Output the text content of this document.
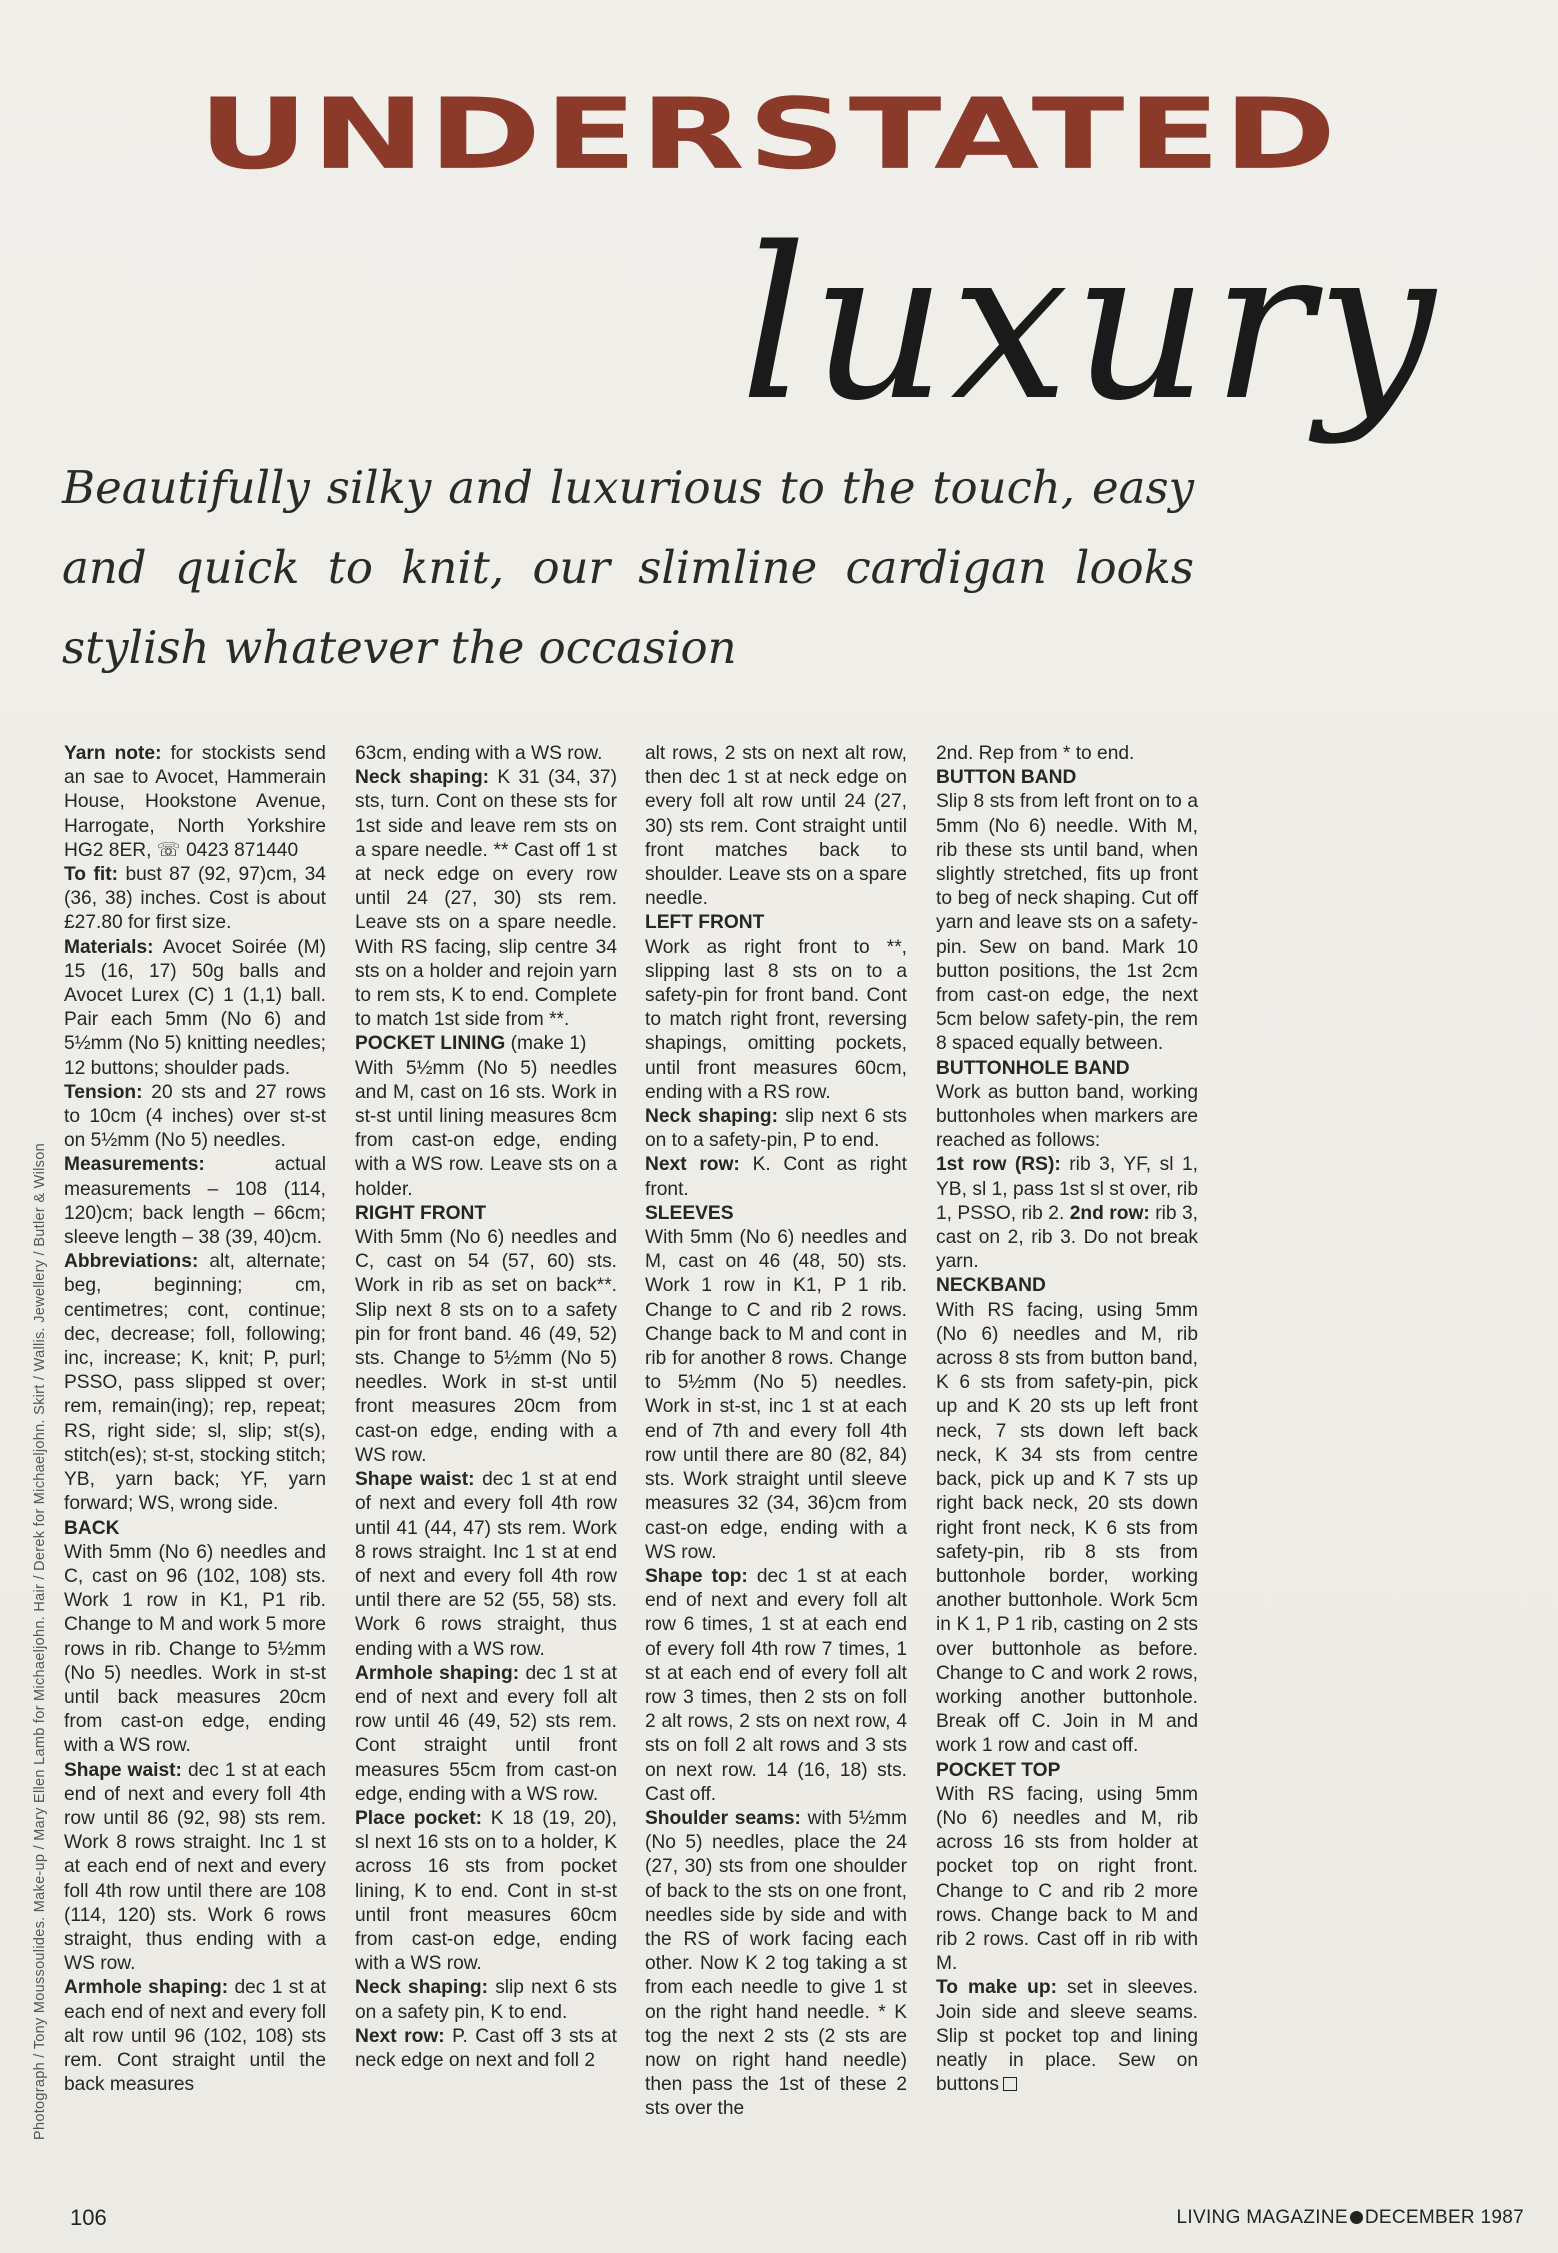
UNDERSTATED
luxury
Beautifully silky and luxurious to the touch, easy and quick to knit, our slimline cardigan looks stylish whatever the occasion

Yarn note: for stockists send an sae to Avocet, Hammerain House, Hookstone Avenue, Harrogate, North Yorkshire HG2 8ER, ☏ 0423 871440

To fit: bust 87 (92, 97)cm, 34 (36, 38) inches. Cost is about £27.80 for first size.

Materials: Avocet Soirée (M) 15 (16, 17) 50g balls and Avocet Lurex (C) 1 (1,1) ball. Pair each 5mm (No 6) and 5½mm (No 5) knitting needles; 12 buttons; shoulder pads.

Tension: 20 sts and 27 rows to 10cm (4 inches) over st-st on 5½mm (No 5) needles.

Measurements:	actual measurements – 108 (114, 120)cm; back length – 66cm; sleeve length – 38 (39, 40)cm.

Abbreviations: alt, alternate; beg, beginning; cm, centimetres; cont, continue; dec, decrease; foll, following; inc, increase; K, knit; P, purl; PSSO, pass slipped st over; rem, remain(ing); rep, repeat; RS, right side; sl, slip; st(s), stitch(es); st-st, stocking stitch; YB, yarn back; YF, yarn forward; WS, wrong side.

BACK

With 5mm (No 6) needles and C, cast on 96 (102, 108) sts. Work 1 row in K1, P1 rib. Change to M and work 5 more rows in rib. Change to 5½mm (No 5) needles. Work in st-st until back measures 20cm from cast-on edge, ending with a WS row.

Shape waist: dec 1 st at each end of next and every foll 4th row until 86 (92, 98) sts rem. Work 8 rows straight. Inc 1 st at each end of next and every foll 4th row until there are 108 (114, 120) sts. Work 6 rows straight, thus ending with a WS row.

Armhole shaping: dec 1 st at each end of next and every foll alt row until 96 (102, 108) sts rem. Cont straight until the back measures

63cm, ending with a WS row.

Neck shaping: K 31 (34, 37) sts, turn. Cont on these sts for 1st side and leave rem sts on a spare needle. ** Cast off 1 st at neck edge on every row until 24 (27, 30) sts rem. Leave sts on a spare needle. With RS facing, slip centre 34 sts on a holder and rejoin yarn to rem sts, K to end. Complete to match 1st side from **.

POCKET LINING (make 1)

With 5½mm (No 5) needles and M, cast on 16 sts. Work in st-st until lining measures 8cm from cast-on edge, ending with a WS row. Leave sts on a holder.

RIGHT FRONT

With 5mm (No 6) needles and C, cast on 54 (57, 60) sts. Work in rib as set on back**. Slip next 8 sts on to a safety pin for front band. 46 (49, 52) sts. Change to 5½mm (No 5) needles. Work in st-st until front measures 20cm from cast-on edge, ending with a WS row.

Shape waist: dec 1 st at end of next and every foll 4th row until 41 (44, 47) sts rem. Work 8 rows straight. Inc 1 st at end of next and every foll 4th row until there are 52 (55, 58) sts. Work 6 rows straight, thus ending with a WS row.

Armhole shaping: dec 1 st at end of next and every foll alt row until 46 (49, 52) sts rem. Cont straight until front measures 55cm from cast-on edge, ending with a WS row.

Place pocket: K 18 (19, 20), sl next 16 sts on to a holder, K across 16 sts from pocket lining, K to end. Cont in st-st until front measures 60cm from cast-on edge, ending with a WS row.

Neck shaping: slip next 6 sts on a safety pin, K to end.

Next row: P. Cast off 3 sts at neck edge on next and foll 2

alt rows, 2 sts on next alt row, then dec 1 st at neck edge on every foll alt row until 24 (27, 30) sts rem. Cont straight until front matches back to shoulder. Leave sts on a spare needle.

LEFT FRONT

Work as right front to **, slipping last 8 sts on to a safety-pin for front band. Cont to match right front, reversing shapings, omitting pockets, until front measures 60cm, ending with a RS row.

Neck shaping: slip next 6 sts on to a safety-pin, P to end.

Next row: K. Cont as right front.

SLEEVES

With 5mm (No 6) needles and M, cast on 46 (48, 50) sts. Work 1 row in K1, P 1 rib. Change to C and rib 2 rows. Change back to M and cont in rib for another 8 rows. Change to 5½mm (No 5) needles. Work in st-st, inc 1 st at each end of 7th and every foll 4th row until there are 80 (82, 84) sts. Work straight until sleeve measures 32 (34, 36)cm from cast-on edge, ending with a WS row.

Shape top: dec 1 st at each end of next and every foll alt row 6 times, 1 st at each end of every foll 4th row 7 times, 1 st at each end of every foll alt row 3 times, then 2 sts on foll 2 alt rows, 2 sts on next row, 4 sts on foll 2 alt rows and 3 sts on next row. 14 (16, 18) sts. Cast off.

Shoulder seams: with 5½mm (No 5) needles, place the 24 (27, 30) sts from one shoulder of back to the sts on one front, needles side by side and with the RS of work facing each other. Now K 2 tog taking a st from each needle to give 1 st on the right hand needle. * K tog the next 2 sts (2 sts are now on right hand needle) then pass the 1st of these 2 sts over the

2nd. Rep from * to end.

BUTTON BAND

Slip 8 sts from left front on to a 5mm (No 6) needle. With M, rib these sts until band, when slightly stretched, fits up front to beg of neck shaping. Cut off yarn and leave sts on a safety-pin. Sew on band. Mark 10 button positions, the 1st 2cm from cast-on edge, the next 5cm below safety-pin, the rem 8 spaced equally between.

BUTTONHOLE BAND

Work as button band, working buttonholes when markers are reached as follows:

1st row (RS): rib 3, YF, sl 1, YB, sl 1, pass 1st sl st over, rib 1, PSSO, rib 2. 2nd row: rib 3, cast on 2, rib 3. Do not break yarn.

NECKBAND

With RS facing, using 5mm (No 6) needles and M, rib across 8 sts from button band, K 6 sts from safety-pin, pick up and K 20 sts up left front neck, 7 sts down left back neck, K 34 sts from centre back, pick up and K 7 sts up right back neck, 20 sts down right front neck, K 6 sts from safety-pin, rib 8 sts from buttonhole border, working another buttonhole. Work 5cm in K 1, P 1 rib, casting on 2 sts over buttonhole as before. Change to C and work 2 rows, working another buttonhole. Break off C. Join in M and work 1 row and cast off.

POCKET TOP

With RS facing, using 5mm (No 6) needles and M, rib across 16 sts from holder at pocket top on right front. Change to C and rib 2 more rows. Change back to M and rib 2 rows. Cast off in rib with M.

To make up: set in sleeves. Join side and sleeve seams. Slip st pocket top and lining neatly in place. Sew on buttons

Photograph / Tony Moussoulides. Make-up / Mary Ellen Lamb for Michaeljohn. Hair / Derek for Michaeljohn. Skirt / Wallis. Jewellery / Butler & Wilson
106	LIVING MAGAZINE DECEMBER 1987
